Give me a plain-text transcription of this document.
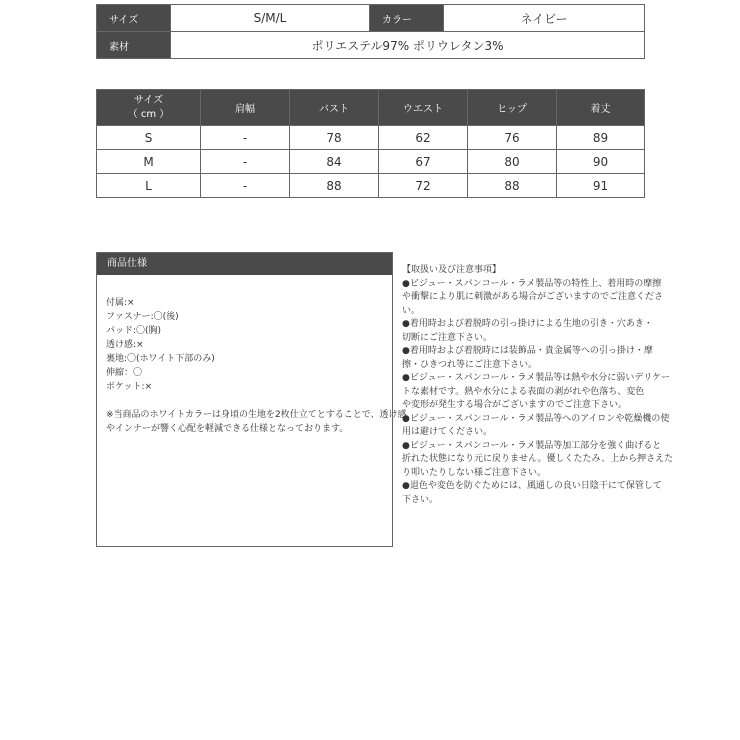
サイズ	S/M/L	カラー	ネイビー
素材	ポリエステル97% ポリウレタン3%		
サイズ
（ cm ）	肩幅	バスト	ウエスト	ヒップ	着丈
S	-	78	62	76	89
M	-	84	67	80	90
L	-	88	72	88	91
商品仕様
付属:×
ファスナー:〇(後)
パッド:〇(胸)
透け感:×
裏地:〇(ホワイト下部のみ)
伸縮：〇
ポケット:×
※当商品のホワイトカラーは身頃の生地を2枚仕立てとすることで、透け感
やインナーが響く心配を軽減できる仕様となっております。
【取扱い及び注意事項】
●ビジュー・スパンコール・ラメ製品等の特性上、着用時の摩擦
や衝撃により肌に刺激がある場合がございますのでご注意くださ
い。
●着用時および着脱時の引っ掛けによる生地の引き・穴あき・
切断にご注意下さい。
●着用時および着脱時には装飾品・貴金属等への引っ掛け・摩
擦・ひきつれ等にご注意下さい。
●ビジュー・スパンコール・ラメ製品等は熱や水分に弱いデリケー
トな素材です。熱や水分による表面の剥がれや色落ち、変色
や変形が発生する場合がございますのでご注意下さい。
●ビジュー・スパンコール・ラメ製品等へのアイロンや乾燥機の使
用は避けてください。
●ビジュー・スパンコール・ラメ製品等加工部分を強く曲げると
折れた状態になり元に戻りません。優しくたたみ、上から押さえた
り叩いたりしない様ご注意下さい。
●退色や変色を防ぐためには、風通しの良い日陰干にて保管して
下さい。
